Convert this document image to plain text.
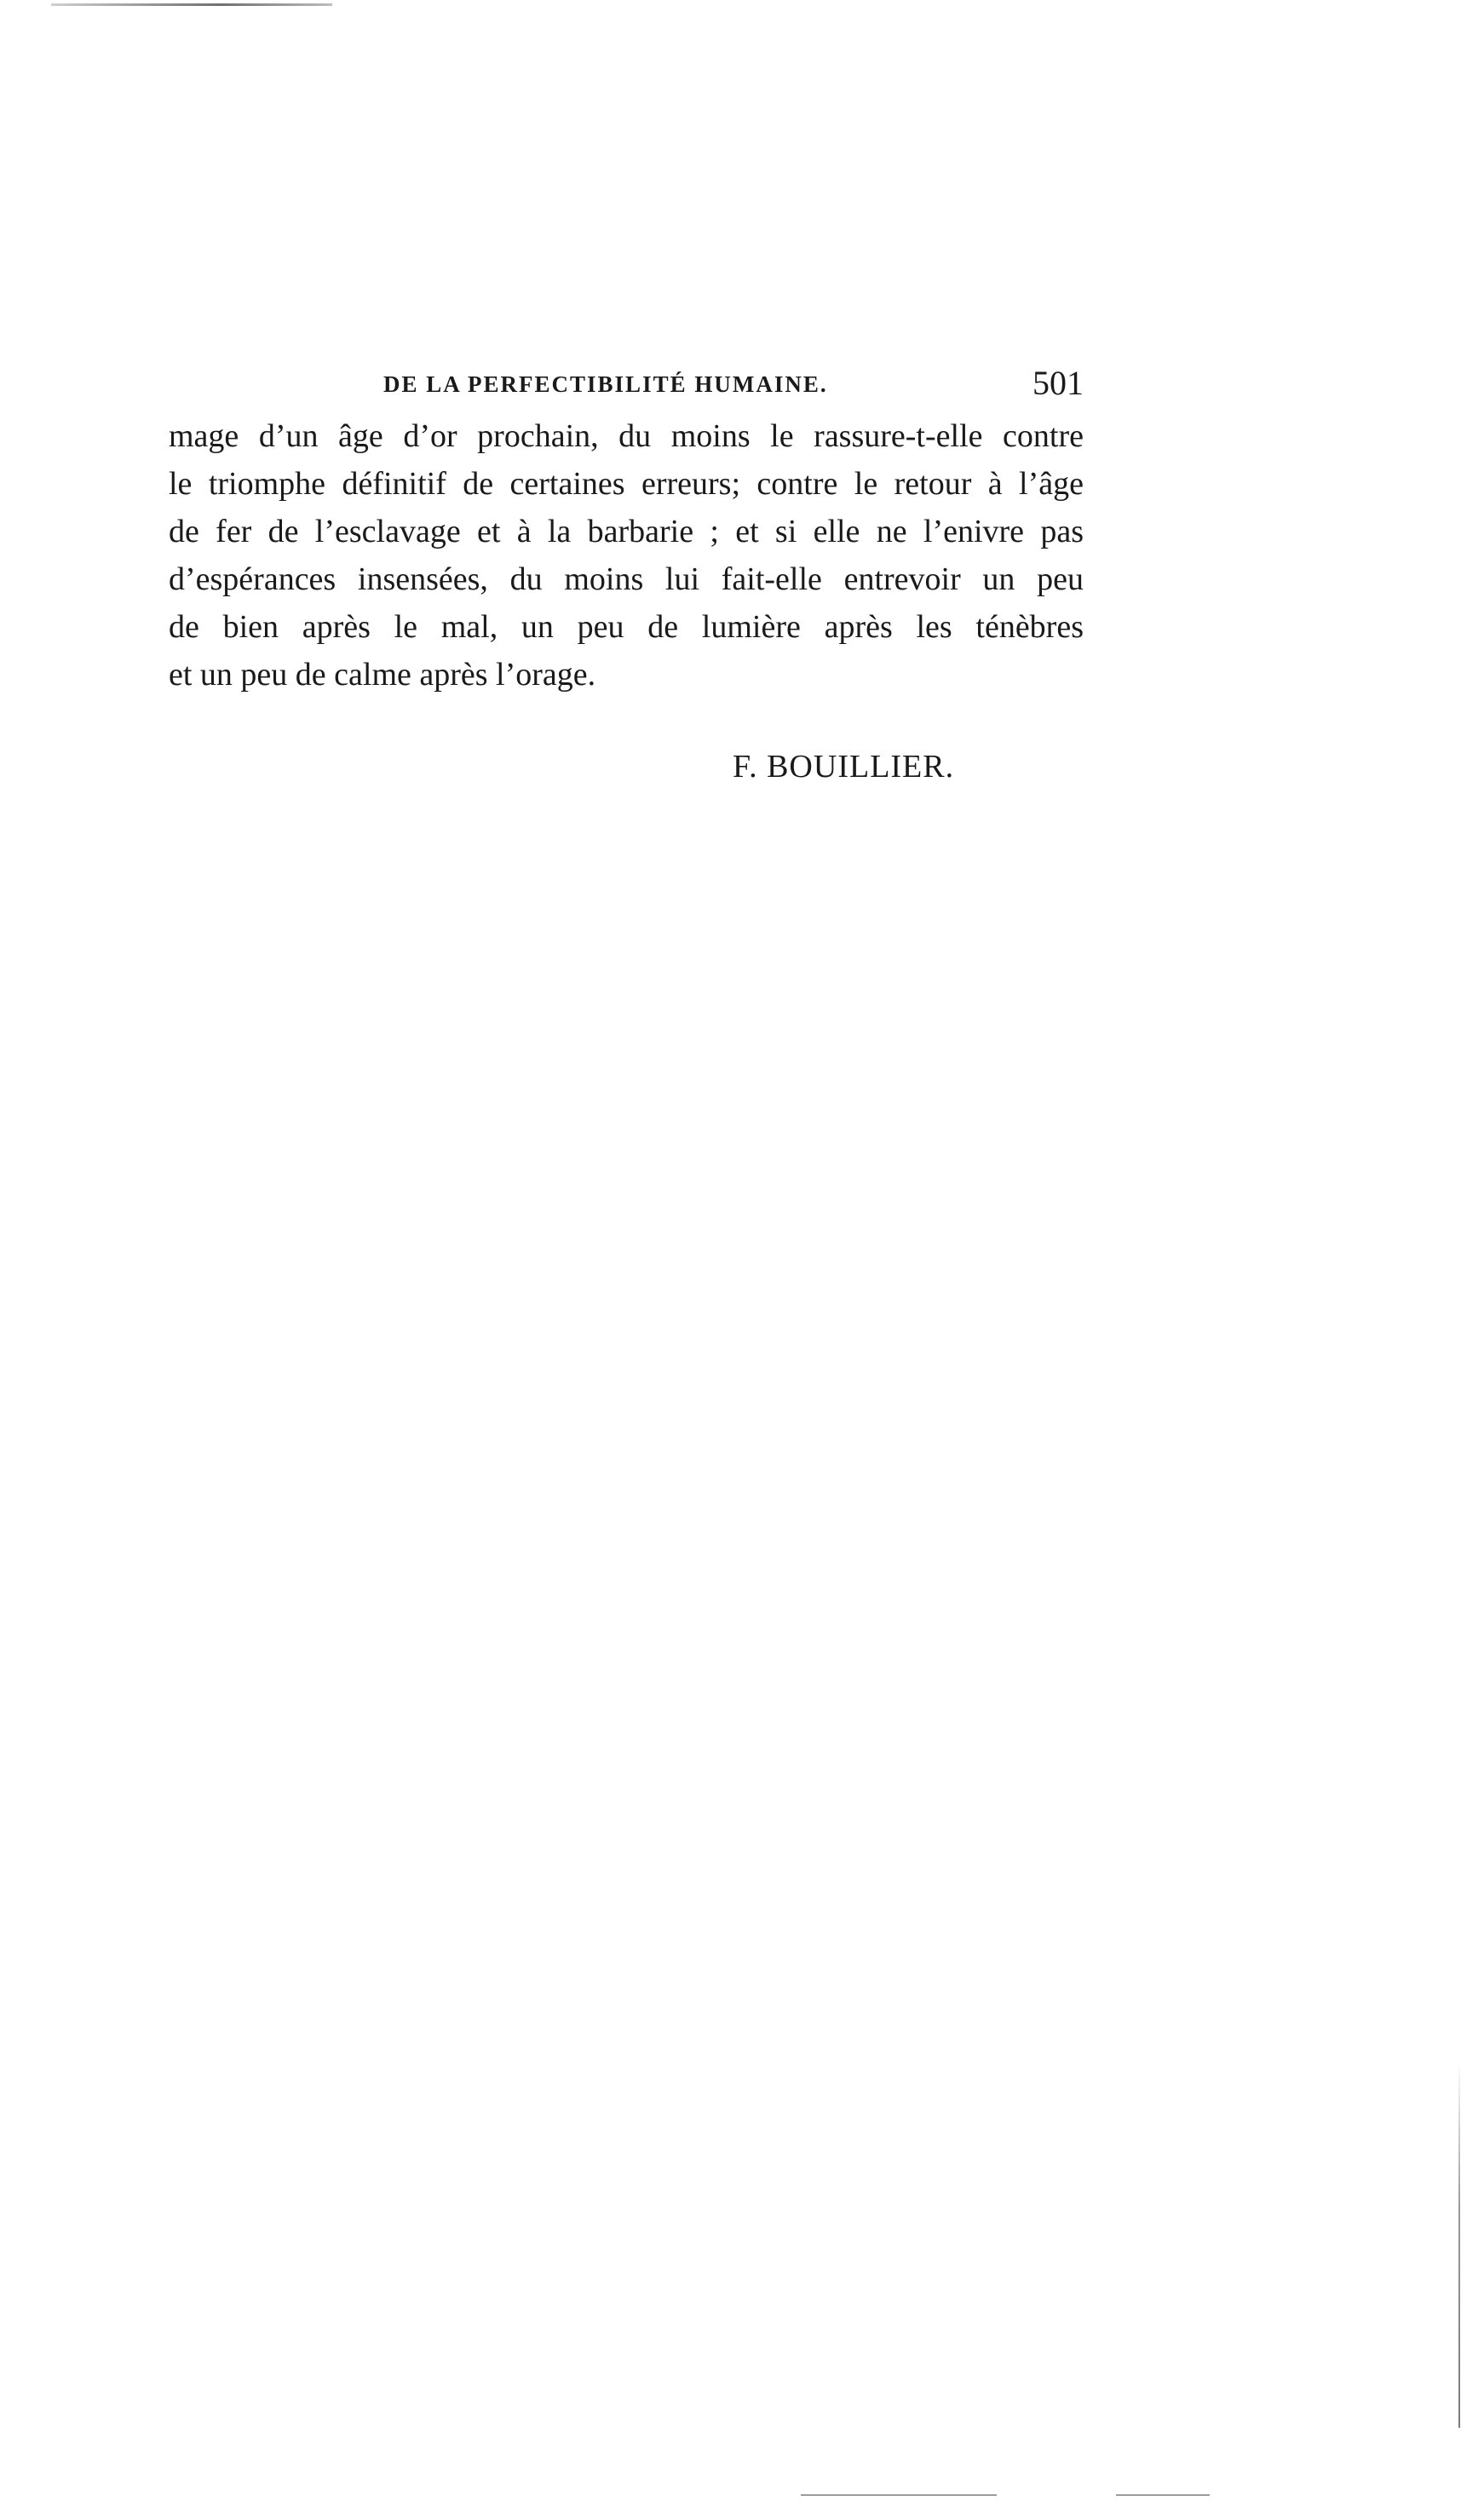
DE LA PERFECTIBILITÉ HUMAINE.	501
mage d’un âge d’or prochain, du moins le rassure-t-elle contre
le triomphe définitif de certaines erreurs; contre le retour à l’âge
de fer de l’esclavage et à la barbarie ; et si elle ne l’enivre pas
d’espérances insensées, du moins lui fait-elle entrevoir un peu
de bien après le mal, un peu de lumière après les ténèbres
et un peu de calme après l’orage.
F. BOUILLIER.
